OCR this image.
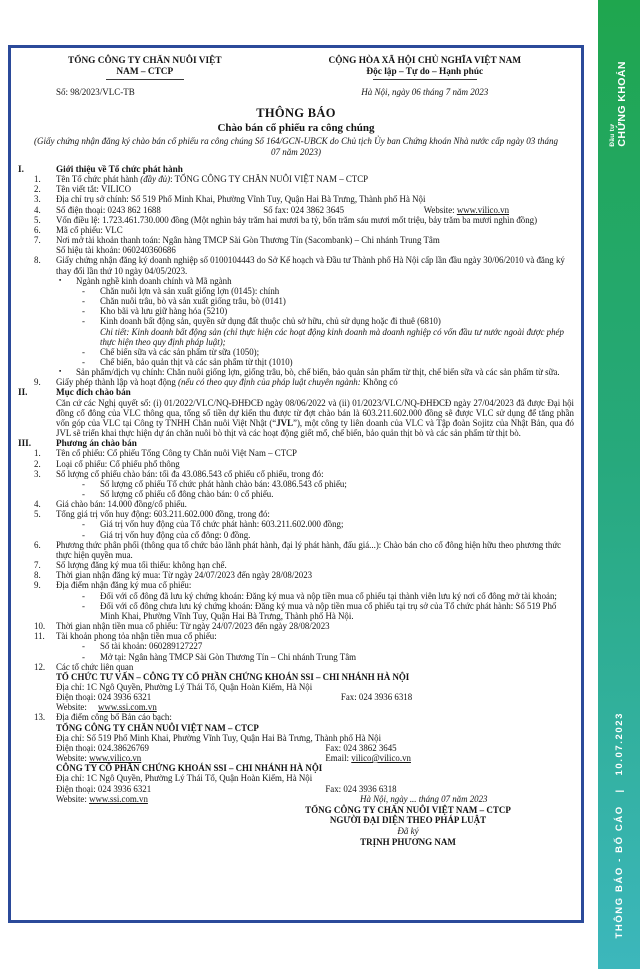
Đầu tư CHỨNG KHOÁN
THÔNG BÁO - BỐ CÁO   |   10.07.2023
TỔNG CÔNG TY CHĂN NUÔI VIỆT
NAM – CTCP
Số: 98/2023/VLC-TB
CỘNG HÒA XÃ HỘI CHỦ NGHĨA VIỆT NAM
Độc lập – Tự do – Hạnh phúc
Hà Nội, ngày 06 tháng 7 năm 2023
THÔNG BÁO
Chào bán cổ phiếu ra công chúng
(Giấy chứng nhận đăng ký chào bán cổ phiếu ra công chúng Số 164/GCN-UBCK do Chủ tịch Ủy ban Chứng khoán Nhà nước cấp ngày 03 tháng 07 năm 2023)
I.	Giới thiệu về Tổ chức phát hành
1. Tên Tổ chức phát hành (đầy đủ): TỔNG CÔNG TY CHĂN NUÔI VIỆT NAM – CTCP
2. Tên viết tắt: VILICO
3. Địa chỉ trụ sở chính: Số 519 Phố Minh Khai, Phường Vĩnh Tuy, Quận Hai Bà Trưng, Thành phố Hà Nội
4. Số điện thoại: 0243 862 1688	Số fax: 024 3862 3645	Website: www.vilico.vn
5. Vốn điều lệ: 1.723.461.730.000 đồng (Một nghìn bảy trăm hai mươi ba tỷ, bốn trăm sáu mươi mốt triệu, bảy trăm ba mươi nghìn đồng)
6. Mã cổ phiếu: VLC
7. Nơi mở tài khoản thanh toán: Ngân hàng TMCP Sài Gòn Thương Tín (Sacombank) – Chi nhánh Trung Tâm
Số hiệu tài khoản: 060240360686
8. Giấy chứng nhận đăng ký doanh nghiệp số 0100104443 do Sở Kế hoạch và Đầu tư Thành phố Hà Nội cấp lần đầu ngày 30/06/2010 và đăng ký thay đổi lần thứ 10 ngày 04/05/2023.
▪ Ngành nghề kinh doanh chính và Mã ngành
- Chăn nuôi lợn và sản xuất giống lợn (0145): chính
- Chăn nuôi trâu, bò và sản xuất giống trâu, bò (0141)
- Kho bãi và lưu giữ hàng hóa (5210)
- Kinh doanh bất động sản, quyền sử dụng đất thuộc chủ sở hữu, chủ sử dụng hoặc đi thuê (6810)
Chi tiết: Kinh doanh bất động sản (chỉ thực hiện các hoạt động kinh doanh mà doanh nghiệp có vốn đầu tư nước ngoài được phép thực hiện theo quy định pháp luật);
- Chế biến sữa và các sản phẩm từ sữa (1050);
- Chế biến, bảo quản thịt và các sản phẩm từ thịt (1010)
▪ Sản phẩm/dịch vụ chính: Chăn nuôi giống lợn, giống trâu, bò, chế biến, bảo quản sản phẩm từ thịt, chế biến sữa và các sản phẩm từ sữa.
9. Giấy phép thành lập và hoạt động (nếu có theo quy định của pháp luật chuyên ngành: Không có
II.	Mục đích chào bán
Căn cứ các Nghị quyết số: (i) 01/2022/VLC/NQ-ĐHĐCĐ ngày 08/06/2022 và (ii) 01/2023/VLC/NQ-ĐHĐCĐ ngày 27/04/2023 đã được Đại hội đồng cổ đông của VLC thông qua, tổng số tiền dự kiến thu được từ đợt chào bán là 603.211.602.000 đồng sẽ được VLC sử dụng để tăng phần vốn góp của VLC tại Công ty TNHH Chăn nuôi Việt Nhật (“JVL”), một công ty liên doanh của VLC và Tập đoàn Sojitz của Nhật Bản, qua đó JVL sẽ triển khai thực hiện dự án chăn nuôi bò thịt và các hoạt động giết mổ, chế biến, bảo quản thịt bò và các sản phẩm từ thịt bò.
III.	Phương án chào bán
1. Tên cổ phiếu: Cổ phiếu Tổng Công ty Chăn nuôi Việt Nam – CTCP
2. Loại cổ phiếu: Cổ phiếu phổ thông
3. Số lượng cổ phiếu chào bán: tối đa 43.086.543 cổ phiếu cổ phiếu, trong đó:
- Số lượng cổ phiếu Tổ chức phát hành chào bán: 43.086.543 cổ phiếu;
- Số lượng cổ phiếu cổ đông chào bán: 0 cổ phiếu.
4. Giá chào bán: 14.000 đồng/cổ phiếu.
5. Tổng giá trị vốn huy động: 603.211.602.000 đồng, trong đó:
- Giá trị vốn huy động của Tổ chức phát hành: 603.211.602.000 đồng;
- Giá trị vốn huy động của cổ đông: 0 đồng.
6. Phương thức phân phối (thông qua tổ chức bảo lãnh phát hành, đại lý phát hành, đấu giá...): Chào bán cho cổ đông hiện hữu theo phương thức thực hiện quyền mua.
7. Số lượng đăng ký mua tối thiểu: không hạn chế.
8. Thời gian nhận đăng ký mua: Từ ngày 24/07/2023 đến ngày 28/08/2023
9. Địa điểm nhận đăng ký mua cổ phiếu:
- Đối với cổ đông đã lưu ký chứng khoán: Đăng ký mua và nộp tiền mua cổ phiếu tại thành viên lưu ký nơi cổ đông mở tài khoản;
- Đối với cổ đông chưa lưu ký chứng khoán: Đăng ký mua và nộp tiền mua cổ phiếu tại trụ sở của Tổ chức phát hành: Số 519 Phố Minh Khai, Phường Vĩnh Tuy, Quận Hai Bà Trưng, Thành phố Hà Nội.
10. Thời gian nhận tiền mua cổ phiếu: Từ ngày 24/07/2023 đến ngày 28/08/2023
11. Tài khoản phong tỏa nhận tiền mua cổ phiếu:
- Số tài khoản: 060289127227
- Mở tại: Ngân hàng TMCP Sài Gòn Thương Tín – Chi nhánh Trung Tâm
12. Các tổ chức liên quan
TỔ CHỨC TƯ VẤN – CÔNG TY CỔ PHẦN CHỨNG KHOÁN SSI – CHI NHÁNH HÀ NỘI
Địa chỉ: 1C Ngô Quyền, Phường Lý Thái Tổ, Quận Hoàn Kiếm, Hà Nội
Điện thoại: 024 3936 6321	Fax: 024 3936 6318
Website:     www.ssi.com.vn
13. Địa điểm công bố Bản cáo bạch:
TỔNG CÔNG TY CHĂN NUÔI VIỆT NAM – CTCP
Địa chỉ: Số 519 Phố Minh Khai, Phường Vĩnh Tuy, Quận Hai Bà Trưng, Thành phố Hà Nội
Điện thoại: 024.38626769	Fax: 024 3862 3645
Website: www.vilico.vn	Email: vilico@vilico.vn
CÔNG TY CỔ PHẦN CHỨNG KHOÁN SSI – CHI NHÁNH HÀ NỘI
Địa chỉ: 1C Ngô Quyền, Phường Lý Thái Tổ, Quận Hoàn Kiếm, Hà Nội
Điện thoại: 024 3936 6321	Fax: 024 3936 6318
Website: www.ssi.com.vn	Hà Nội, ngày ... tháng 07 năm 2023
TỔNG CÔNG TY CHĂN NUÔI VIỆT NAM – CTCP
NGƯỜI ĐẠI DIỆN THEO PHÁP LUẬT
Đã ký
TRỊNH PHƯƠNG NAM
